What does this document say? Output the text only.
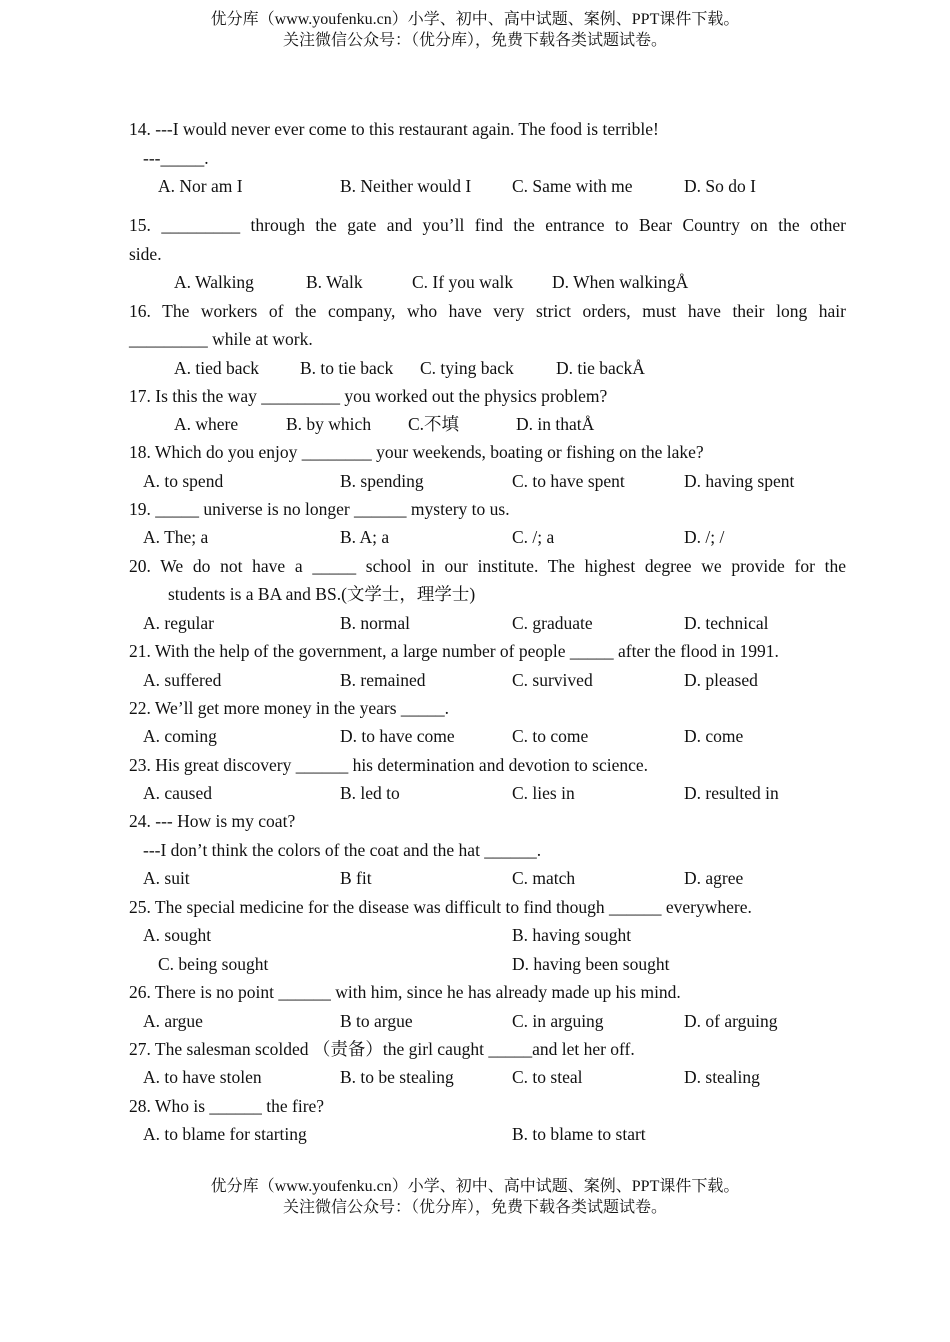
优分库（www.youfenku.cn）小学、初中、高中试题、案例、PPT课件下载。
关注微信公众号：（优分库），免费下载各类试题试卷。
14. ---I would never ever come to this restaurant again. The food is terrible!
---_____.
A. Nor am I	B. Neither would I C. Same with me	D. So do I
15. _________ through the gate and you’ll find the entrance to Bear Country on the other
side.
A. Walking	B. Walk	C. If you walk D. When walkingÅ
16. The workers of the company, who have very strict orders, must have their long hair
_________ while at work.
A. tied back B. to tie back C. tying back D. tie backÅ
17. Is this the way _________ you worked out the physics problem?
A. where	B. by which C.不填	D. in thatÅ
18. Which do you enjoy ________ your weekends, boating or fishing on the lake?
A. to spend	B. spending	C. to have spent	D. having spent
19. _____ universe is no longer ______ mystery to us.
A. The; a	B. A; a	C. /; a	D. /; /
20. We do not have a _____ school in our institute. The highest degree we provide for the
students is a BA and BS.(文学士，理学士)
A. regular	B. normal	C. graduate	D. technical
21. With the help of the government, a large number of people _____ after the flood in 1991.
A. suffered	B. remained	C. survived	D. pleased
22. We’ll get more money in the years _____.
A. coming	D. to have come	C. to come	D. come
23. His great discovery ______ his determination and devotion to science.
A. caused	B. led to	C. lies in	D. resulted in
24. --- How is my coat?
---I don’t think the colors of the coat and the hat ______.
A. suit	B fit	C. match	D. agree
25. The special medicine for the disease was difficult to find though ______ everywhere.
A. sought	B. having sought
C. being sought	D. having been sought
26. There is no point ______ with him, since he has already made up his mind.
A. argue	B to argue	C. in arguing	D. of arguing
27. The salesman scolded （责备）the girl caught _____and let her off.
A. to have stolen	B. to be stealing	C. to steal	D. stealing
28. Who is ______ the fire?
A. to blame for starting	B. to blame to start
优分库（www.youfenku.cn）小学、初中、高中试题、案例、PPT课件下载。
关注微信公众号：（优分库），免费下载各类试题试卷。
